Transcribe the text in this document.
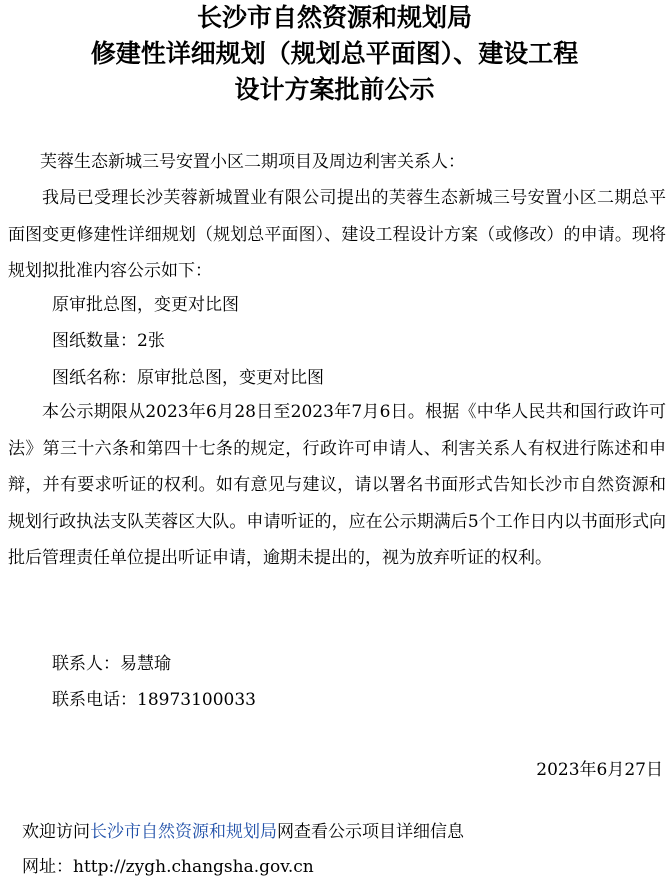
长沙市自然资源和规划局
修建性详细规划（规划总平面图）、建设工程
设计方案批前公示
芙蓉生态新城三号安置小区二期项目及周边利害关系人：
我局已受理长沙芙蓉新城置业有限公司提出的芙蓉生态新城三号安置小区二期总平面图变更修建性详细规划（规划总平面图）、建设工程设计方案（或修改）的申请。现将规划拟批准内容公示如下：
原审批总图，变更对比图
图纸数量：2张
图纸名称：原审批总图，变更对比图
本公示期限从2023年6月28日至2023年7月6日。根据《中华人民共和国行政许可法》第三十六条和第四十七条的规定，行政许可申请人、利害关系人有权进行陈述和申辩，并有要求听证的权利。如有意见与建议，请以署名书面形式告知长沙市自然资源和规划行政执法支队芙蓉区大队。申请听证的，应在公示期满后5个工作日内以书面形式向批后管理责任单位提出听证申请，逾期未提出的，视为放弃听证的权利。
联系人：易慧瑜
联系电话：18973100033
2023年6月27日
欢迎访问长沙市自然资源和规划局网查看公示项目详细信息
网址：http://zygh.changsha.gov.cn
